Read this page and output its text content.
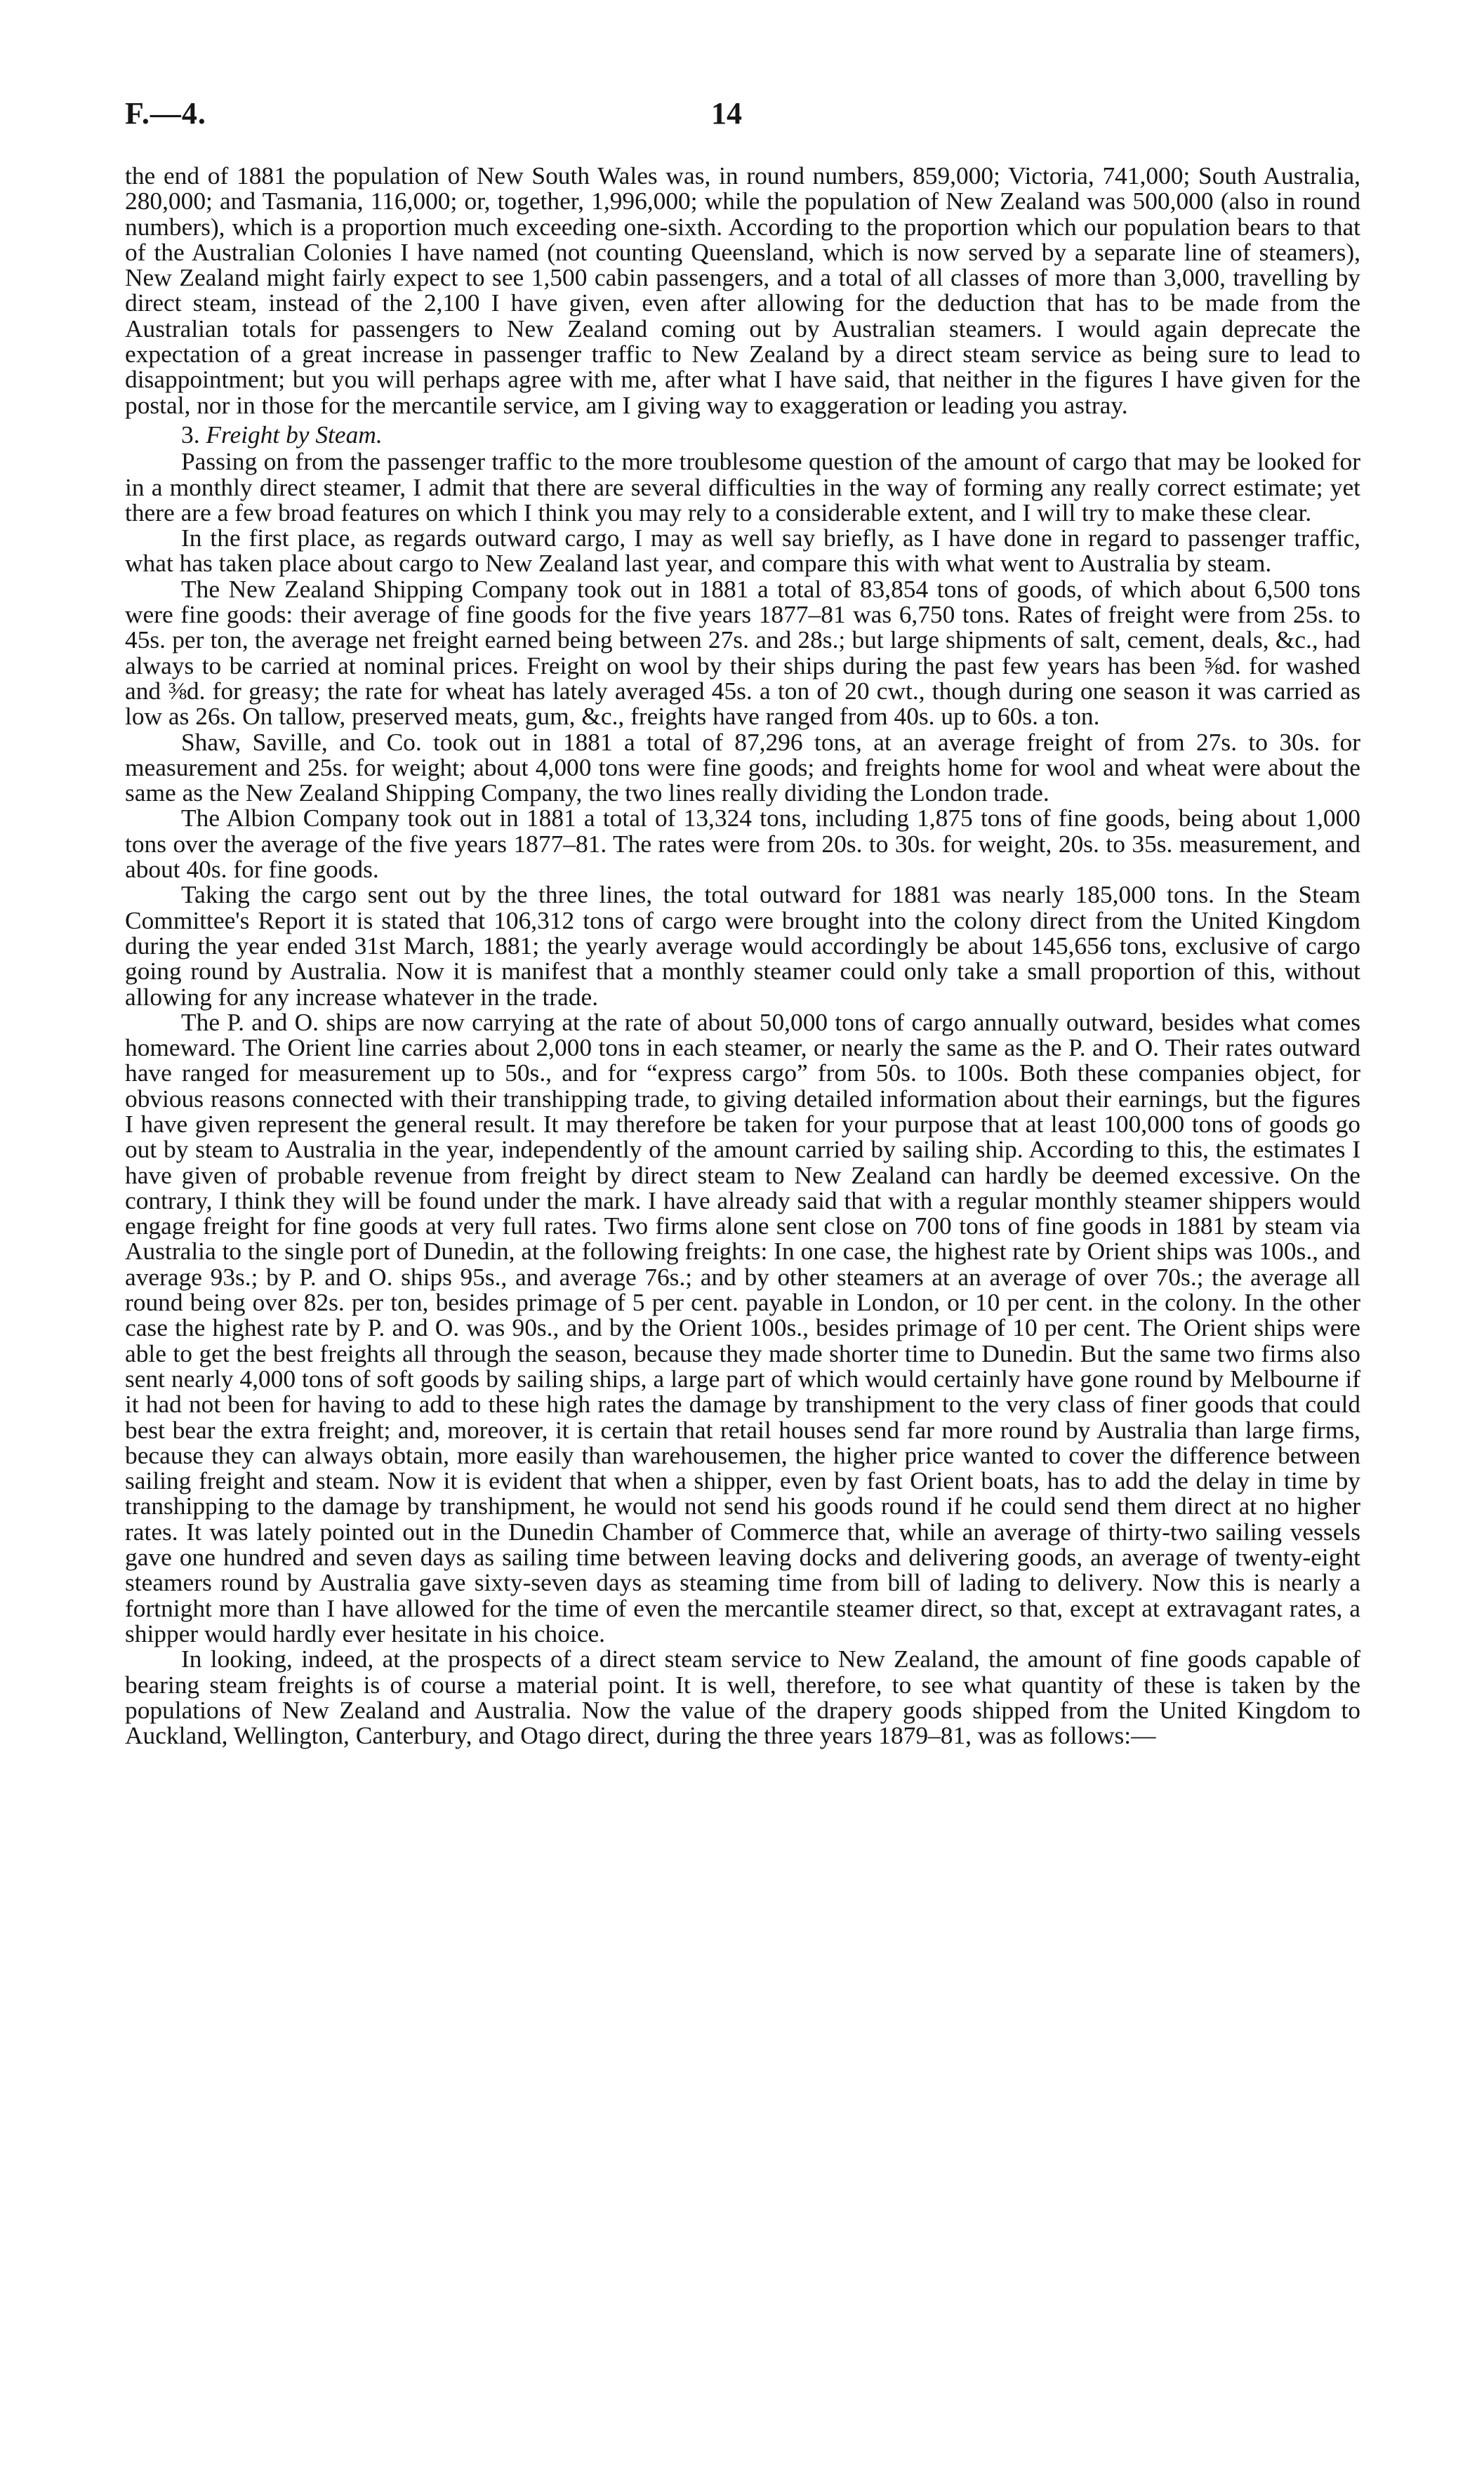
F.—4.	14

the end of 1881 the population of New South Wales was, in round numbers, 859,000; Victoria, 741,000; South Australia, 280,000; and Tasmania, 116,000; or, together, 1,996,000; while the population of New Zealand was 500,000 (also in round numbers), which is a proportion much exceeding one-sixth. According to the proportion which our population bears to that of the Australian Colonies I have named (not counting Queensland, which is now served by a separate line of steamers), New Zealand might fairly expect to see 1,500 cabin passengers, and a total of all classes of more than 3,000, travelling by direct steam, instead of the 2,100 I have given, even after allowing for the deduction that has to be made from the Australian totals for passengers to New Zealand coming out by Australian steamers. I would again deprecate the expectation of a great increase in passenger traffic to New Zealand by a direct steam service as being sure to lead to disappointment; but you will perhaps agree with me, after what I have said, that neither in the figures I have given for the postal, nor in those for the mercantile service, am I giving way to exaggeration or leading you astray.

3. Freight by Steam.

Passing on from the passenger traffic to the more troublesome question of the amount of cargo that may be looked for in a monthly direct steamer, I admit that there are several difficulties in the way of forming any really correct estimate; yet there are a few broad features on which I think you may rely to a considerable extent, and I will try to make these clear.

In the first place, as regards outward cargo, I may as well say briefly, as I have done in regard to passenger traffic, what has taken place about cargo to New Zealand last year, and compare this with what went to Australia by steam.

The New Zealand Shipping Company took out in 1881 a total of 83,854 tons of goods, of which about 6,500 tons were fine goods: their average of fine goods for the five years 1877–81 was 6,750 tons. Rates of freight were from 25s. to 45s. per ton, the average net freight earned being between 27s. and 28s.; but large shipments of salt, cement, deals, &c., had always to be carried at nominal prices. Freight on wool by their ships during the past few years has been ⅝d. for washed and ⅜d. for greasy; the rate for wheat has lately averaged 45s. a ton of 20 cwt., though during one season it was carried as low as 26s. On tallow, preserved meats, gum, &c., freights have ranged from 40s. up to 60s. a ton.

Shaw, Saville, and Co. took out in 1881 a total of 87,296 tons, at an average freight of from 27s. to 30s. for measurement and 25s. for weight; about 4,000 tons were fine goods; and freights home for wool and wheat were about the same as the New Zealand Shipping Company, the two lines really dividing the London trade.

The Albion Company took out in 1881 a total of 13,324 tons, including 1,875 tons of fine goods, being about 1,000 tons over the average of the five years 1877–81. The rates were from 20s. to 30s. for weight, 20s. to 35s. measurement, and about 40s. for fine goods.

Taking the cargo sent out by the three lines, the total outward for 1881 was nearly 185,000 tons. In the Steam Committee's Report it is stated that 106,312 tons of cargo were brought into the colony direct from the United Kingdom during the year ended 31st March, 1881; the yearly average would accordingly be about 145,656 tons, exclusive of cargo going round by Australia. Now it is manifest that a monthly steamer could only take a small proportion of this, without allowing for any increase whatever in the trade.

The P. and O. ships are now carrying at the rate of about 50,000 tons of cargo annually outward, besides what comes homeward. The Orient line carries about 2,000 tons in each steamer, or nearly the same as the P. and O. Their rates outward have ranged for measurement up to 50s., and for “express cargo” from 50s. to 100s. Both these companies object, for obvious reasons connected with their transhipping trade, to giving detailed information about their earnings, but the figures I have given represent the general result. It may therefore be taken for your purpose that at least 100,000 tons of goods go out by steam to Australia in the year, independently of the amount carried by sailing ship. According to this, the estimates I have given of probable revenue from freight by direct steam to New Zealand can hardly be deemed excessive. On the contrary, I think they will be found under the mark. I have already said that with a regular monthly steamer shippers would engage freight for fine goods at very full rates. Two firms alone sent close on 700 tons of fine goods in 1881 by steam via Australia to the single port of Dunedin, at the following freights: In one case, the highest rate by Orient ships was 100s., and average 93s.; by P. and O. ships 95s., and average 76s.; and by other steamers at an average of over 70s.; the average all round being over 82s. per ton, besides primage of 5 per cent. payable in London, or 10 per cent. in the colony. In the other case the highest rate by P. and O. was 90s., and by the Orient 100s., besides primage of 10 per cent. The Orient ships were able to get the best freights all through the season, because they made shorter time to Dunedin. But the same two firms also sent nearly 4,000 tons of soft goods by sailing ships, a large part of which would certainly have gone round by Melbourne if it had not been for having to add to these high rates the damage by transhipment to the very class of finer goods that could best bear the extra freight; and, moreover, it is certain that retail houses send far more round by Australia than large firms, because they can always obtain, more easily than warehousemen, the higher price wanted to cover the difference between sailing freight and steam. Now it is evident that when a shipper, even by fast Orient boats, has to add the delay in time by transhipping to the damage by transhipment, he would not send his goods round if he could send them direct at no higher rates. It was lately pointed out in the Dunedin Chamber of Commerce that, while an average of thirty-two sailing vessels gave one hundred and seven days as sailing time between leaving docks and delivering goods, an average of twenty-eight steamers round by Australia gave sixty-seven days as steaming time from bill of lading to delivery. Now this is nearly a fortnight more than I have allowed for the time of even the mercantile steamer direct, so that, except at extravagant rates, a shipper would hardly ever hesitate in his choice.

In looking, indeed, at the prospects of a direct steam service to New Zealand, the amount of fine goods capable of bearing steam freights is of course a material point. It is well, therefore, to see what quantity of these is taken by the populations of New Zealand and Australia. Now the value of the drapery goods shipped from the United Kingdom to Auckland, Wellington, Canterbury, and Otago direct, during the three years 1879–81, was as follows:—
